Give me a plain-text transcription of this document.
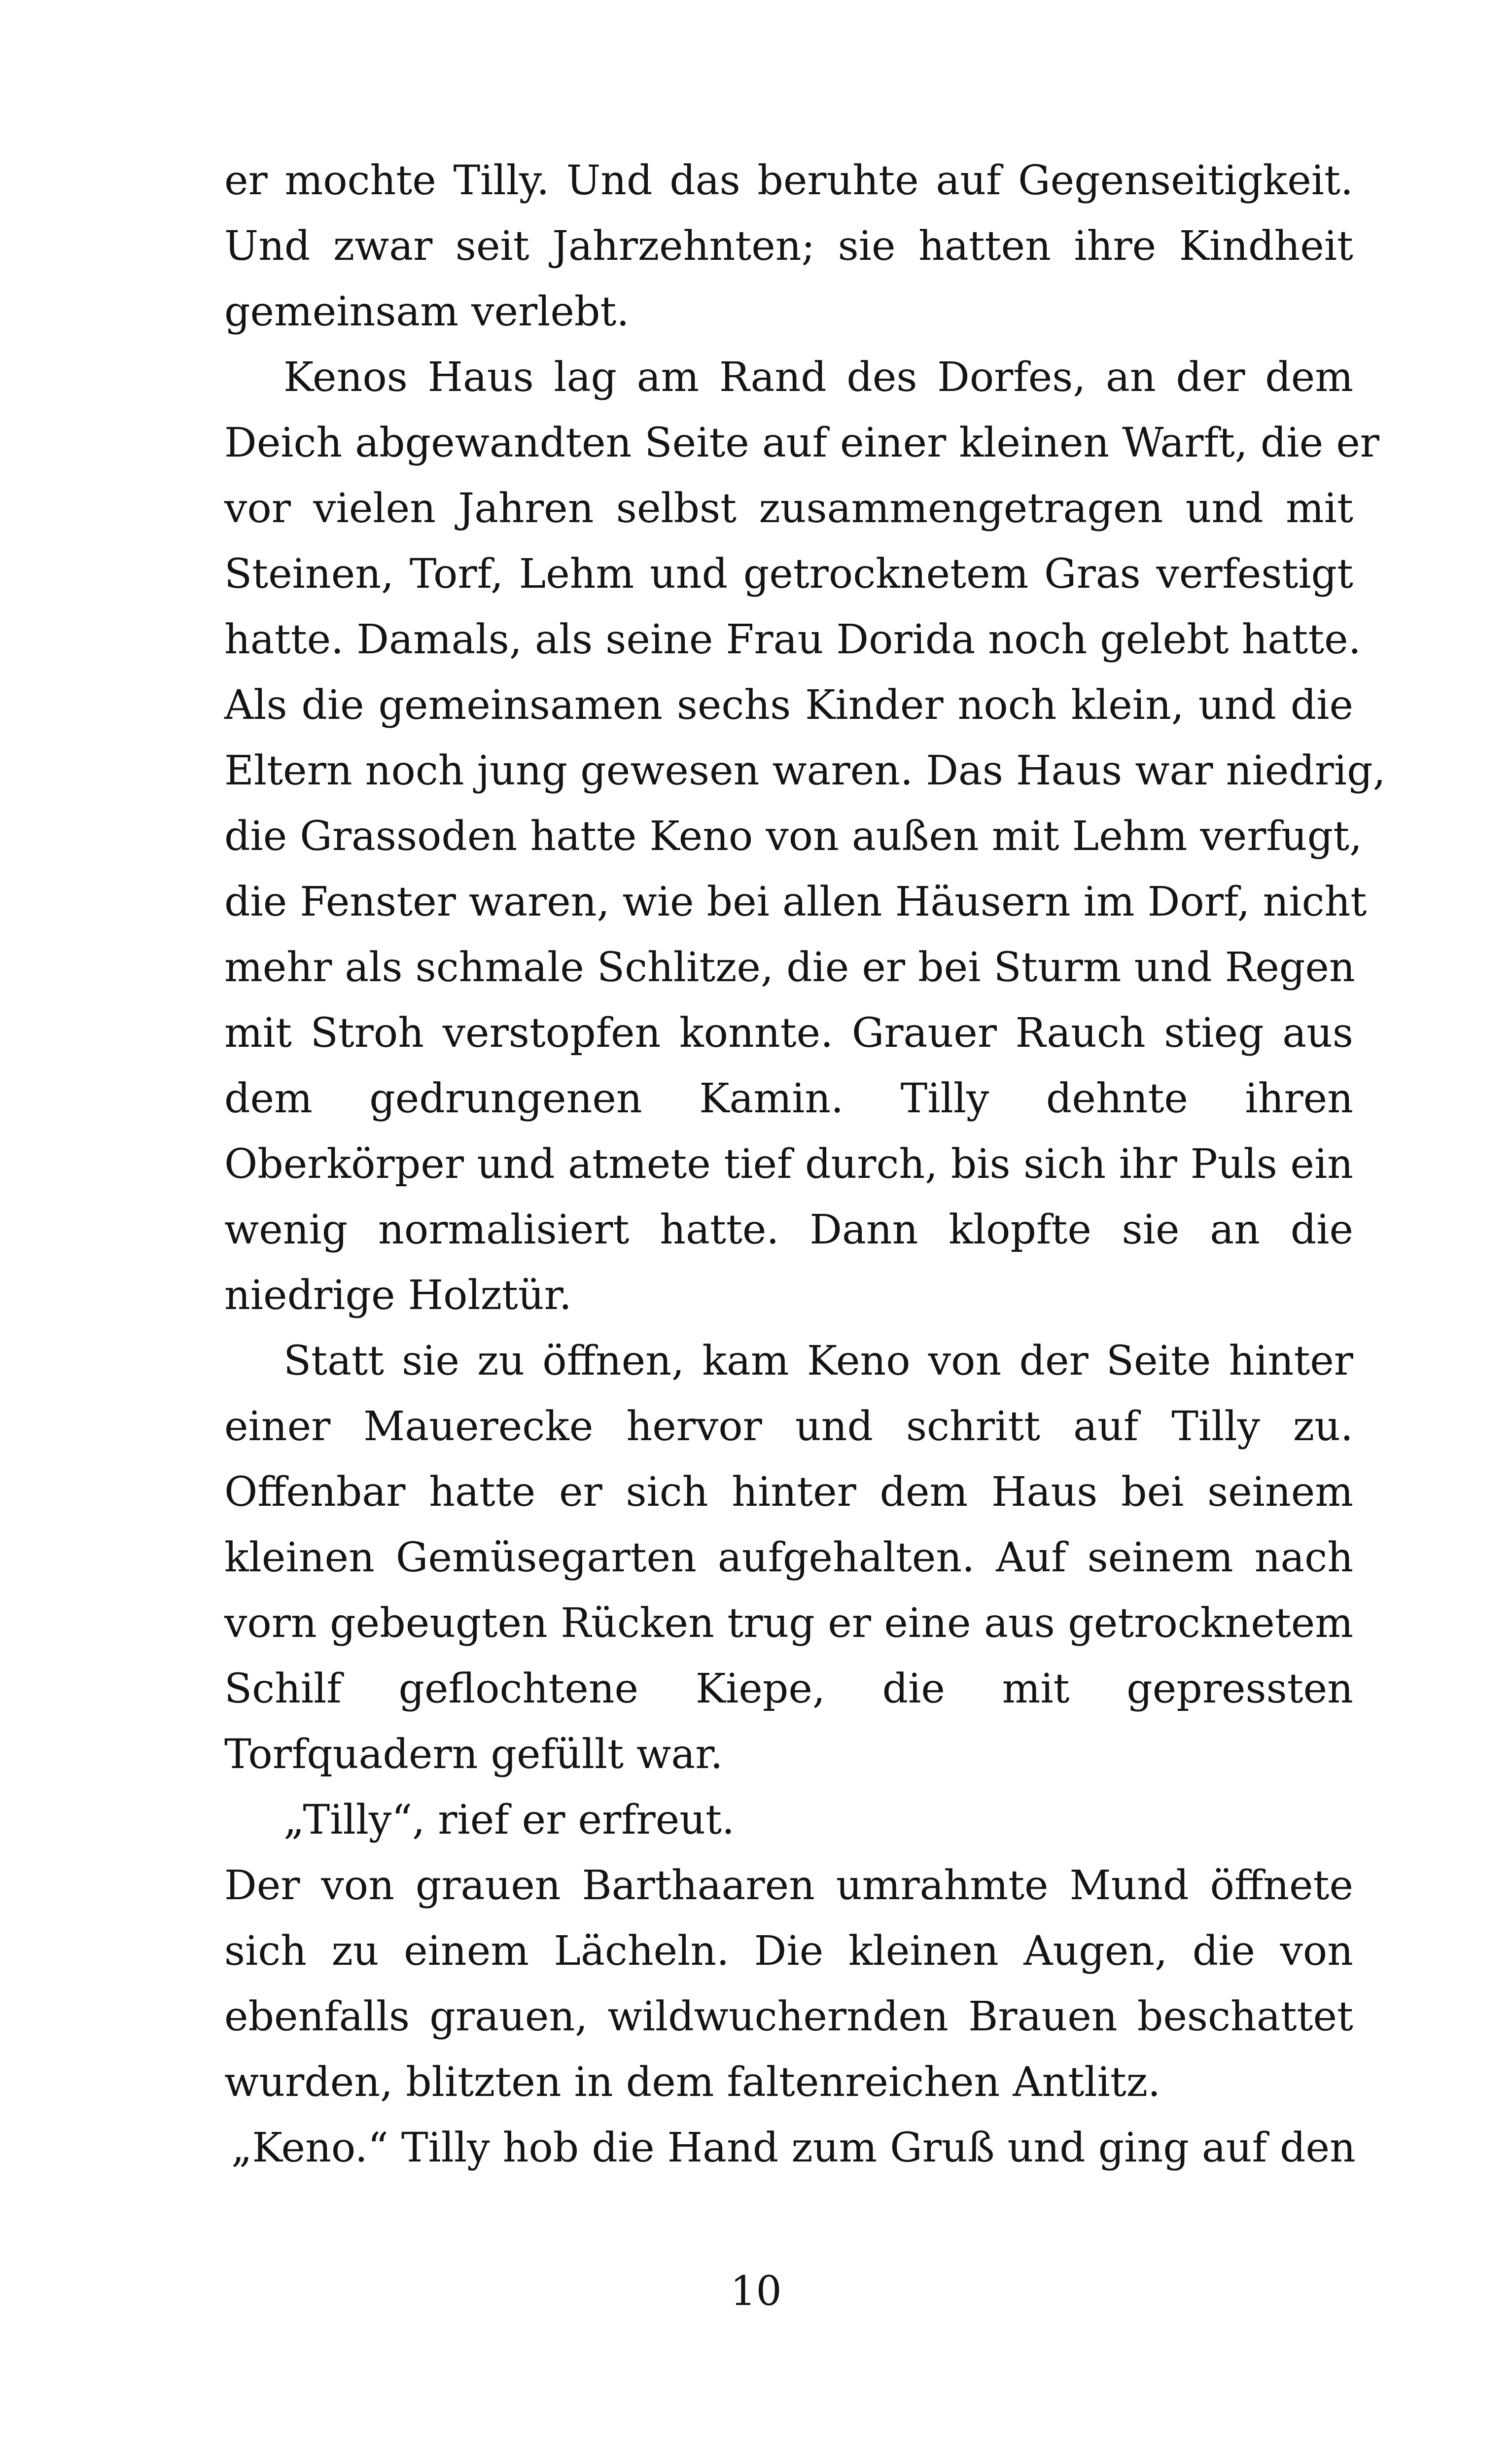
er mochte Tilly. Und das beruhte auf Gegenseitigkeit.
Und zwar seit Jahrzehnten; sie hatten ihre Kindheit
gemeinsam verlebt.
Kenos Haus lag am Rand des Dorfes, an der dem
Deich abgewandten Seite auf einer kleinen Warft, die er
vor vielen Jahren selbst zusammengetragen und mit
Steinen, Torf, Lehm und getrocknetem Gras verfestigt
hatte. Damals, als seine Frau Dorida noch gelebt hatte.
Als die gemeinsamen sechs Kinder noch klein, und die
Eltern noch jung gewesen waren. Das Haus war niedrig,
die Grassoden hatte Keno von außen mit Lehm verfugt,
die Fenster waren, wie bei allen Häusern im Dorf, nicht
mehr als schmale Schlitze, die er bei Sturm und Regen
mit Stroh verstopfen konnte. Grauer Rauch stieg aus
dem gedrungenen Kamin. Tilly dehnte ihren
Oberkörper und atmete tief durch, bis sich ihr Puls ein
wenig normalisiert hatte. Dann klopfte sie an die
niedrige Holztür.
Statt sie zu öffnen, kam Keno von der Seite hinter
einer Mauerecke hervor und schritt auf Tilly zu.
Offenbar hatte er sich hinter dem Haus bei seinem
kleinen Gemüsegarten aufgehalten. Auf seinem nach
vorn gebeugten Rücken trug er eine aus getrocknetem
Schilf geflochtene Kiepe, die mit gepressten
Torfquadern gefüllt war.
„Tilly“, rief er erfreut.
Der von grauen Barthaaren umrahmte Mund öffnete
sich zu einem Lächeln. Die kleinen Augen, die von
ebenfalls grauen, wildwuchernden Brauen beschattet
wurden, blitzten in dem faltenreichen Antlitz.
„Keno.“ Tilly hob die Hand zum Gruß und ging auf den
10
